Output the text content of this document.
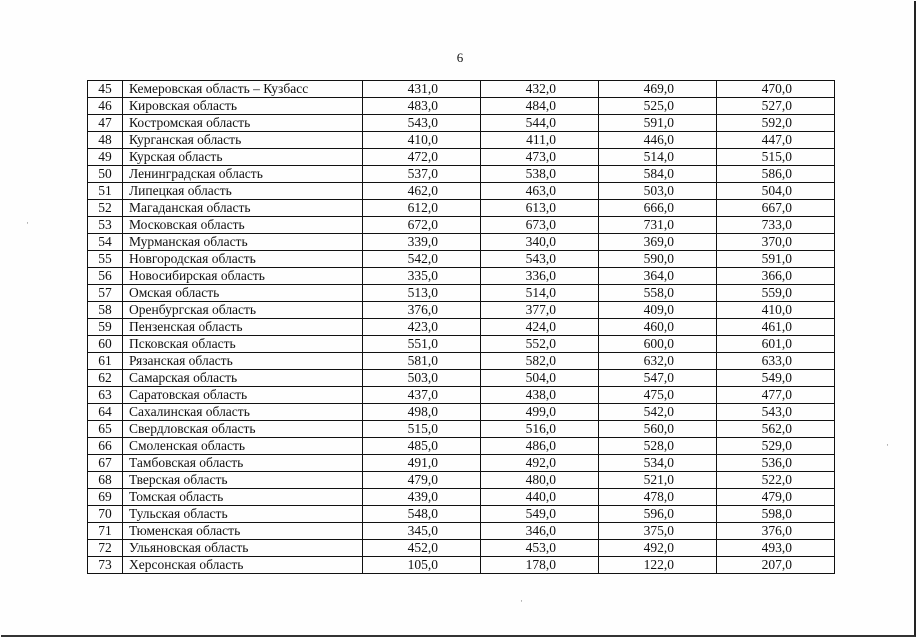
6
45	Кемеровская область – Кузбасс	431,0	432,0	469,0	470,0
46	Кировская область	483,0	484,0	525,0	527,0
47	Костромская область	543,0	544,0	591,0	592,0
48	Курганская область	410,0	411,0	446,0	447,0
49	Курская область	472,0	473,0	514,0	515,0
50	Ленинградская область	537,0	538,0	584,0	586,0
51	Липецкая область	462,0	463,0	503,0	504,0
52	Магаданская область	612,0	613,0	666,0	667,0
53	Московская область	672,0	673,0	731,0	733,0
54	Мурманская область	339,0	340,0	369,0	370,0
55	Новгородская область	542,0	543,0	590,0	591,0
56	Новосибирская область	335,0	336,0	364,0	366,0
57	Омская область	513,0	514,0	558,0	559,0
58	Оренбургская область	376,0	377,0	409,0	410,0
59	Пензенская область	423,0	424,0	460,0	461,0
60	Псковская область	551,0	552,0	600,0	601,0
61	Рязанская область	581,0	582,0	632,0	633,0
62	Самарская область	503,0	504,0	547,0	549,0
63	Саратовская область	437,0	438,0	475,0	477,0
64	Сахалинская область	498,0	499,0	542,0	543,0
65	Свердловская область	515,0	516,0	560,0	562,0
66	Смоленская область	485,0	486,0	528,0	529,0
67	Тамбовская область	491,0	492,0	534,0	536,0
68	Тверская область	479,0	480,0	521,0	522,0
69	Томская область	439,0	440,0	478,0	479,0
70	Тульская область	548,0	549,0	596,0	598,0
71	Тюменская область	345,0	346,0	375,0	376,0
72	Ульяновская область	452,0	453,0	492,0	493,0
73	Херсонская область	105,0	178,0	122,0	207,0
·
·
·
